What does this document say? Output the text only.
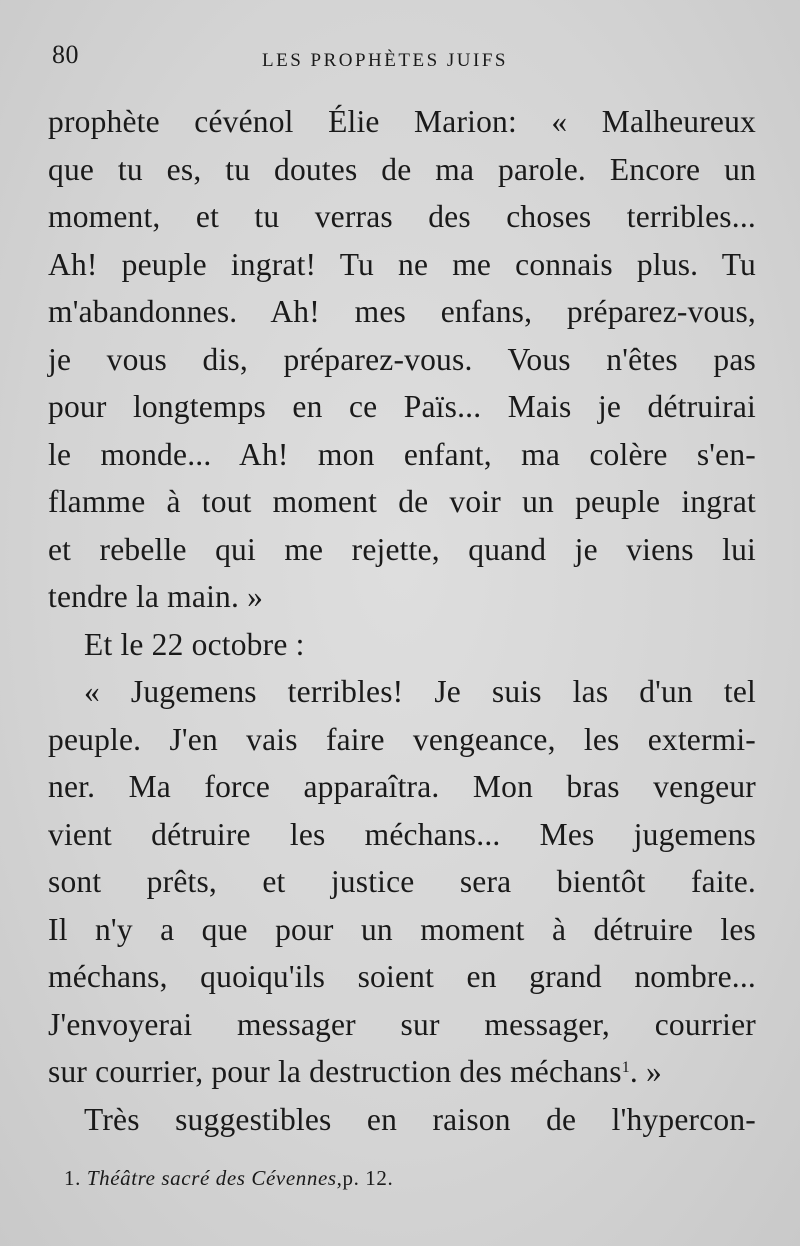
80	LES PROPHÈTES JUIFS
prophète cévénol Élie Marion: « Malheureux
que tu es, tu doutes de ma parole. Encore un
moment, et tu verras des choses terribles...
Ah! peuple ingrat! Tu ne me connais plus. Tu
m'abandonnes. Ah! mes enfans, préparez-vous,
je vous dis, préparez-vous. Vous n'êtes pas
pour longtemps en ce Païs... Mais je détruirai
le monde... Ah! mon enfant, ma colère s'en-
flamme à tout moment de voir un peuple ingrat
et rebelle qui me rejette, quand je viens lui
tendre la main. »
Et le 22 octobre :
« Jugemens terribles! Je suis las d'un tel
peuple. J'en vais faire vengeance, les extermi-
ner. Ma force apparaîtra. Mon bras vengeur
vient détruire les méchans... Mes jugemens
sont prêts, et justice sera bientôt faite.
Il n'y a que pour un moment à détruire les
méchans, quoiqu'ils soient en grand nombre...
J'envoyerai messager sur messager, courrier
sur courrier, pour la destruction des méchans$^1$. »
Très suggestibles en raison de l'hypercon-
1. Théâtre sacré des Cévennes,p. 12.
